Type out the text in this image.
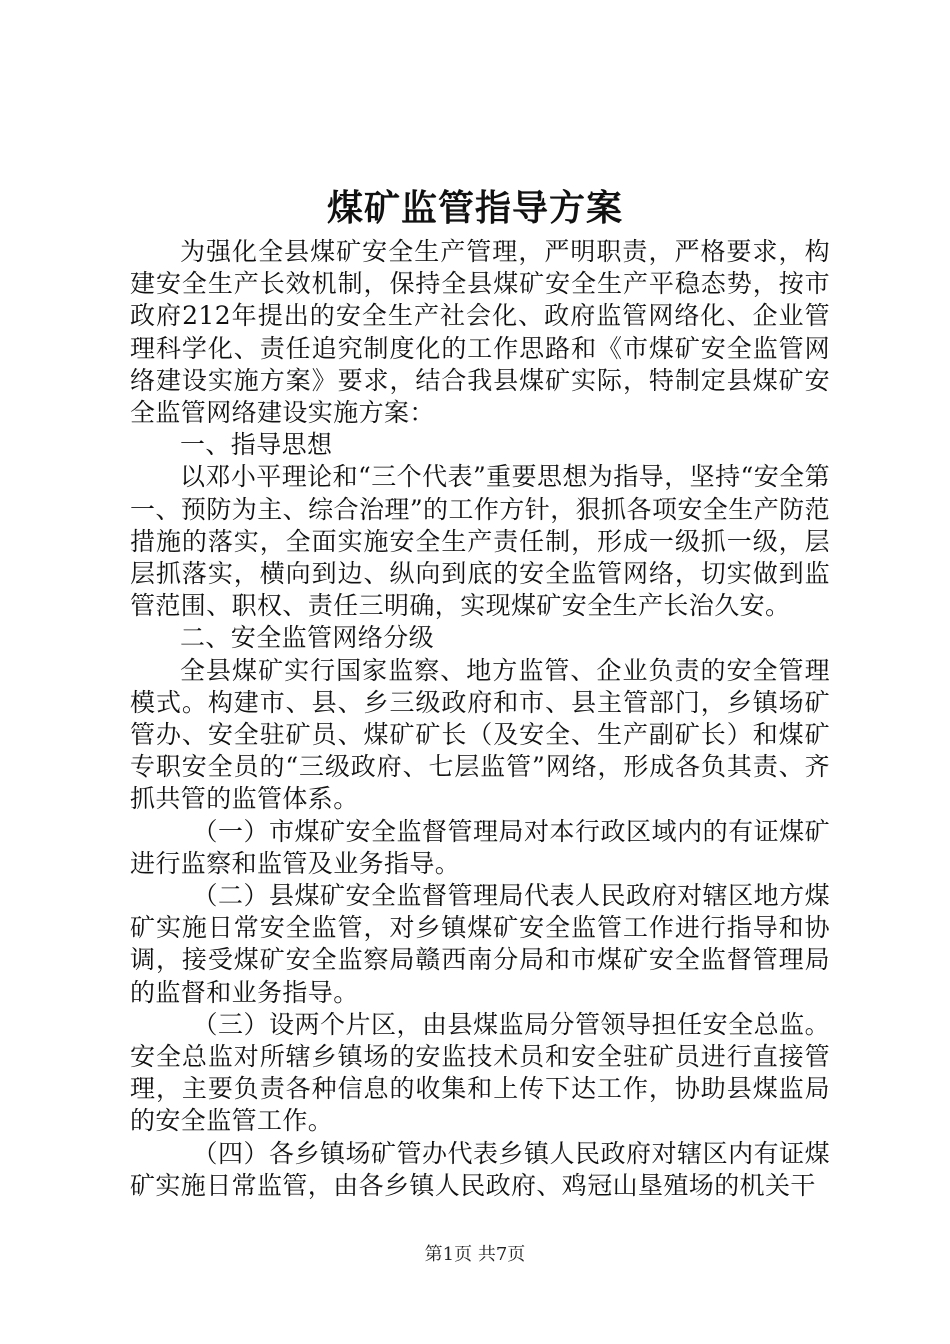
煤矿监管指导方案

为强化全县煤矿安全生产管理，严明职责，严格要求，构建安全生产长效机制，保持全县煤矿安全生产平稳态势，按市政府212年提出的安全生产社会化、政府监管网络化、企业管理科学化、责任追究制度化的工作思路和《市煤矿安全监管网络建设实施方案》要求，结合我县煤矿实际，特制定县煤矿安全监管网络建设实施方案：

一、指导思想

以邓小平理论和“三个代表”重要思想为指导，坚持“安全第一、预防为主、综合治理”的工作方针，狠抓各项安全生产防范措施的落实，全面实施安全生产责任制，形成一级抓一级，层层抓落实，横向到边、纵向到底的安全监管网络，切实做到监管范围、职权、责任三明确，实现煤矿安全生产长治久安。

二、安全监管网络分级

全县煤矿实行国家监察、地方监管、企业负责的安全管理模式。构建市、县、乡三级政府和市、县主管部门，乡镇场矿管办、安全驻矿员、煤矿矿长（及安全、生产副矿长）和煤矿专职安全员的“三级政府、七层监管”网络，形成各负其责、齐抓共管的监管体系。

（一）市煤矿安全监督管理局对本行政区域内的有证煤矿进行监察和监管及业务指导。

（二）县煤矿安全监督管理局代表人民政府对辖区地方煤矿实施日常安全监管，对乡镇煤矿安全监管工作进行指导和协调，接受煤矿安全监察局赣西南分局和市煤矿安全监督管理局的监督和业务指导。

（三）设两个片区，由县煤监局分管领导担任安全总监。安全总监对所辖乡镇场的安监技术员和安全驻矿员进行直接管理，主要负责各种信息的收集和上传下达工作，协助县煤监局的安全监管工作。

（四）各乡镇场矿管办代表乡镇人民政府对辖区内有证煤矿实施日常监管，由各乡镇人民政府、鸡冠山垦殖场的机关干

第1页 共7页
